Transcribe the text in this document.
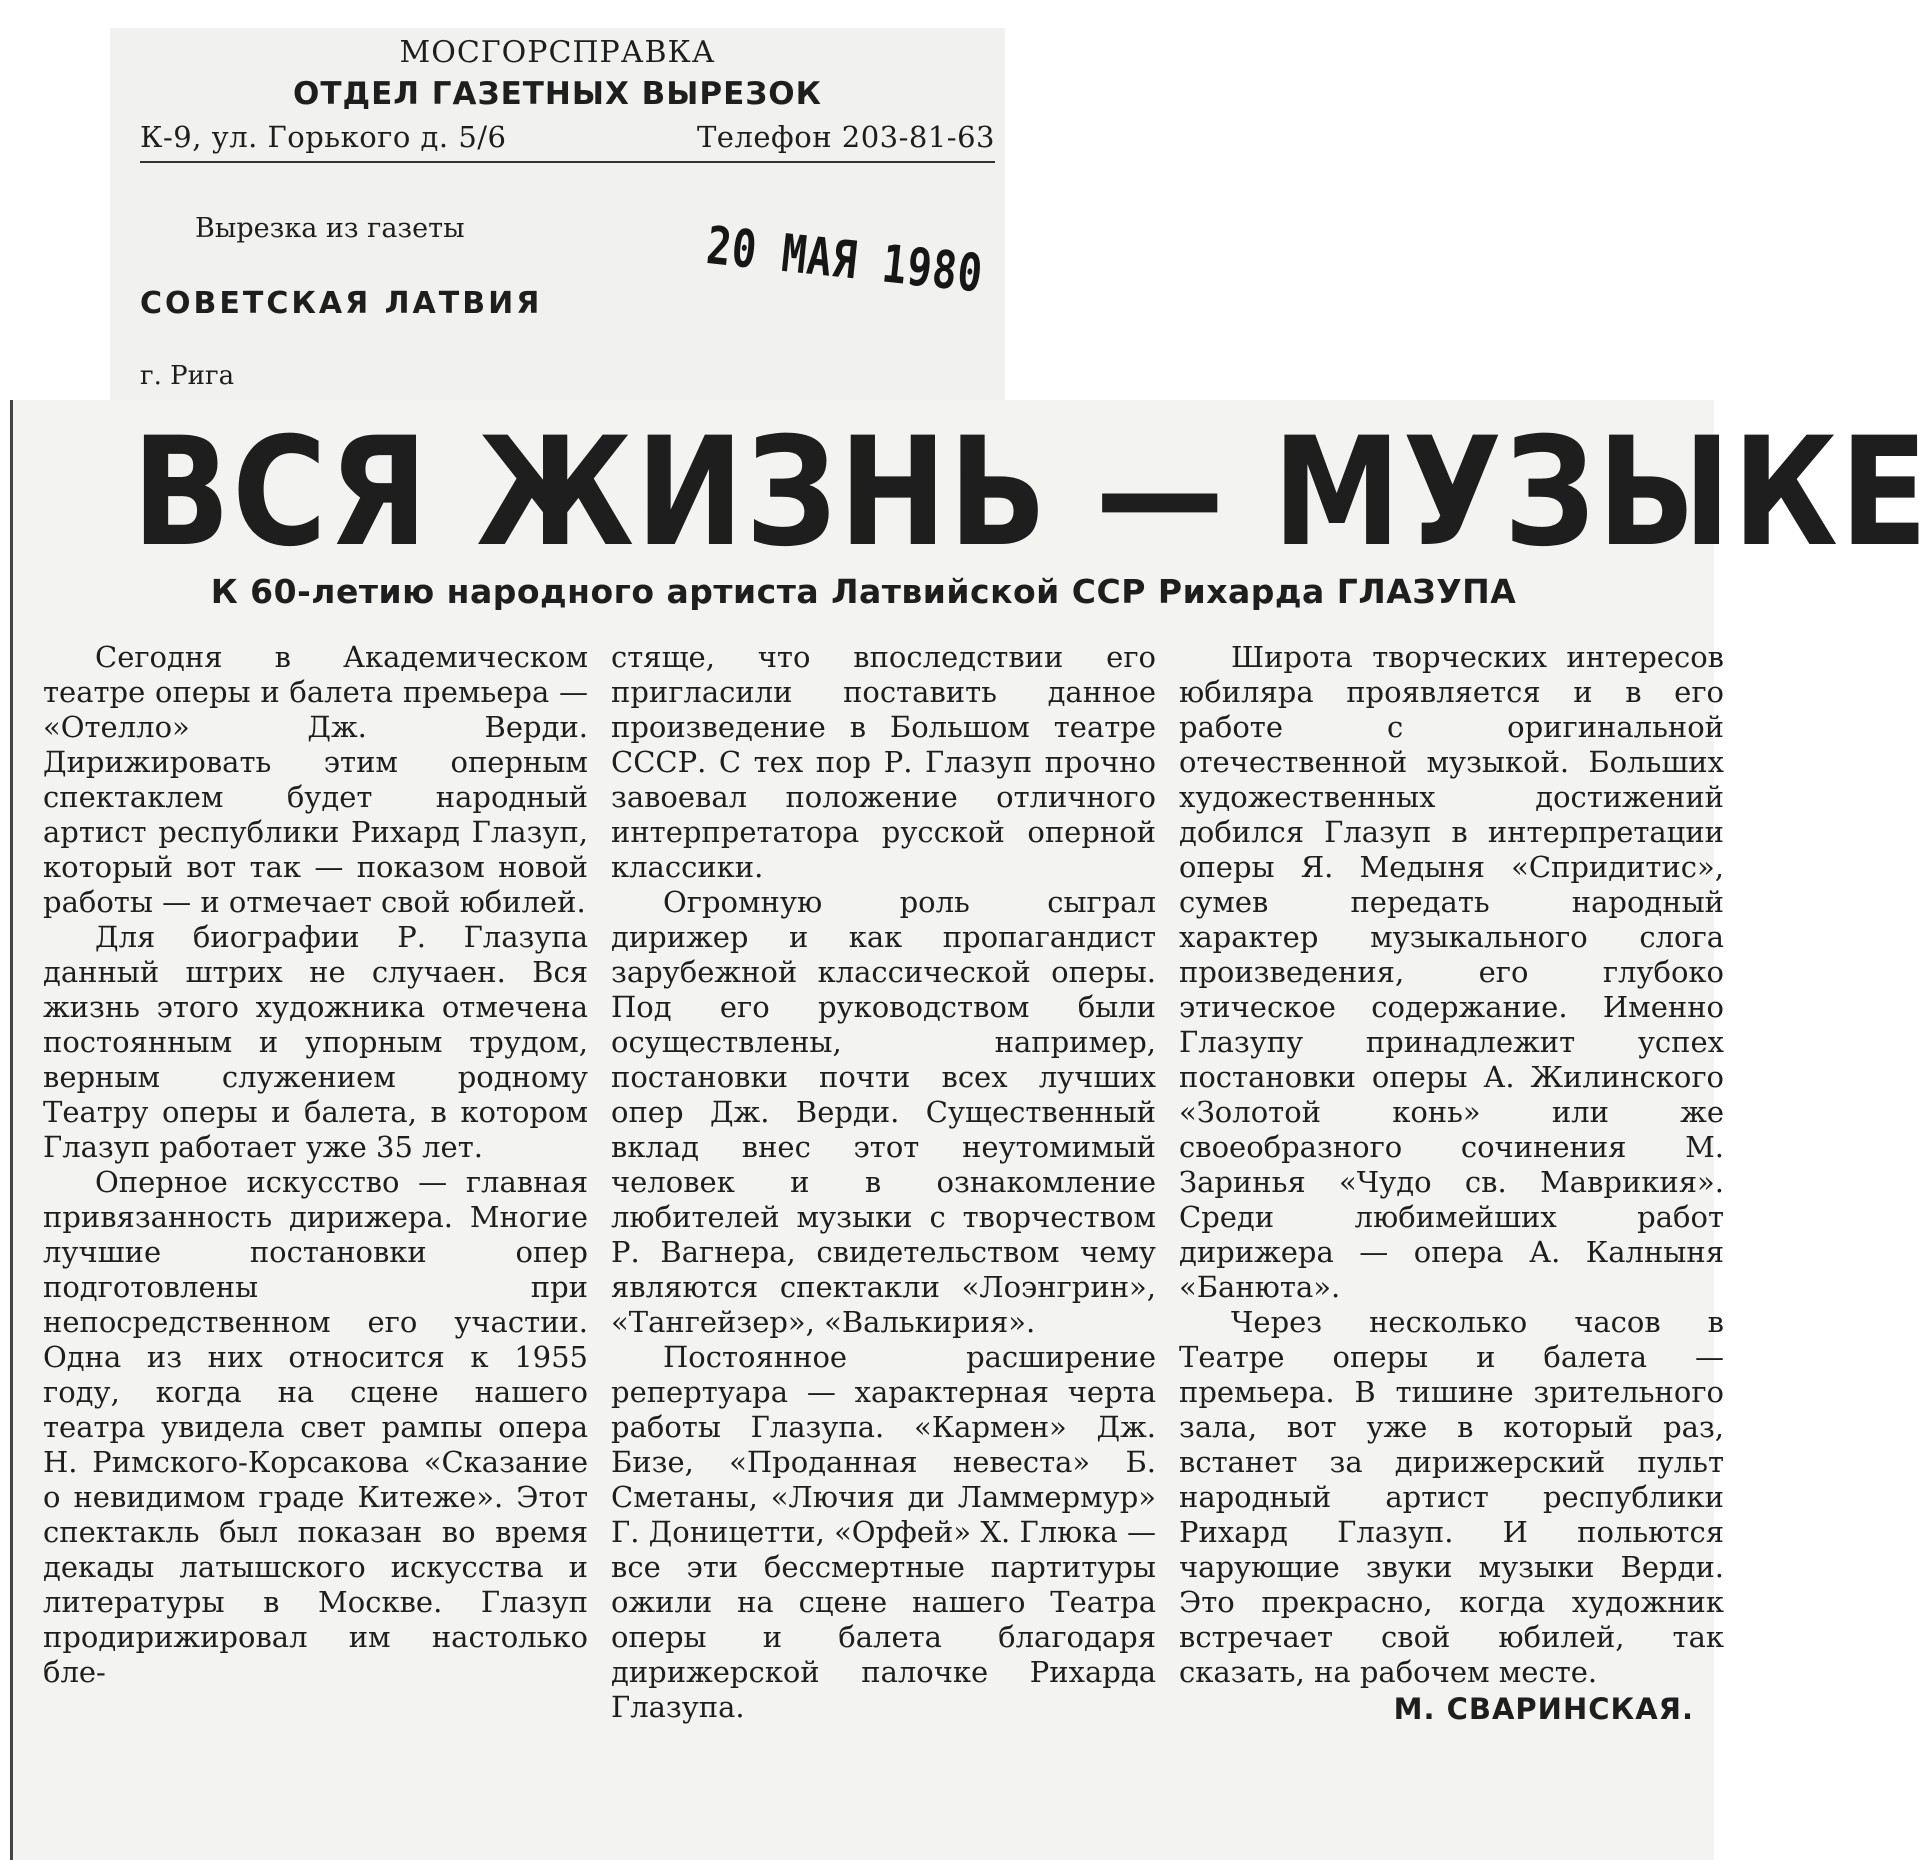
МОСГОРСПРАВКА
ОТДЕЛ ГАЗЕТНЫХ ВЫРЕЗОК
К-9, ул. Горького д. 5/6	Телефон 203-81-63
Вырезка из газеты
СОВЕТСКАЯ ЛАТВИЯ
г. Рига
20 МАЯ 1980
ВСЯ ЖИЗНЬ — МУЗЫКЕ
К 60-летию народного артиста Латвийской ССР Рихарда ГЛАЗУПА

Сегодня в Академическом театре оперы и балета премьера — «Отелло» Дж. Верди. Дирижировать этим оперным спектаклем будет народный артист республики Рихард Глазуп, который вот так — показом новой работы — и отмечает свой юбилей.

Для биографии Р. Глазупа данный штрих не случаен. Вся жизнь этого художника отмечена постоянным и упорным трудом, верным служением родному Театру оперы и балета, в котором Глазуп работает уже 35 лет.

Оперное искусство — главная привязанность дирижера. Многие лучшие постановки опер подготовлены при непосредственном его участии. Одна из них относится к 1955 году, когда на сцене нашего театра увидела свет рампы опера Н. Римского-Корсакова «Сказание о невидимом граде Китеже». Этот спектакль был показан во время декады латышского искусства и литературы в Москве. Глазуп продирижировал им настолько бле-

стяще, что впоследствии его пригласили поставить данное произведение в Большом театре СССР. С тех пор Р. Глазуп прочно завоевал положение отличного интерпретатора русской оперной классики.

Огромную роль сыграл дирижер и как пропагандист зарубежной классической оперы. Под его руководством были осуществлены, например, постановки почти всех лучших опер Дж. Верди. Существенный вклад внес этот неутомимый человек и в ознакомление любителей музыки с творчеством Р. Вагнера, свидетельством чему являются спектакли «Лоэнгрин», «Тангейзер», «Валькирия».

Постоянное расширение репертуара — характерная черта работы Глазупа. «Кармен» Дж. Бизе, «Проданная невеста» Б. Сметаны, «Лючия ди Ламмермур» Г. Доницетти, «Орфей» Х. Глюка — все эти бессмертные партитуры ожили на сцене нашего Театра оперы и балета благодаря дирижерской палочке Рихарда Глазупа.

Широта творческих интересов юбиляра проявляется и в его работе с оригинальной отечественной музыкой. Больших художественных достижений добился Глазуп в интерпретации оперы Я. Медыня «Спридитис», сумев передать народный характер музыкального слога произведения, его глубоко этическое содержание. Именно Глазупу принадлежит успех постановки оперы А. Жилинского «Золотой конь» или же своеобразного сочинения М. Заринья «Чудо св. Маврикия». Среди любимейших работ дирижера — опера А. Калныня «Банюта».

Через несколько часов в Театре оперы и балета — премьера. В тишине зрительного зала, вот уже в который раз, встанет за дирижерский пульт народный артист республики Рихард Глазуп. И польются чарующие звуки музыки Верди. Это прекрасно, когда художник встречает свой юбилей, так сказать, на рабочем месте.

М. СВАРИНСКАЯ.
